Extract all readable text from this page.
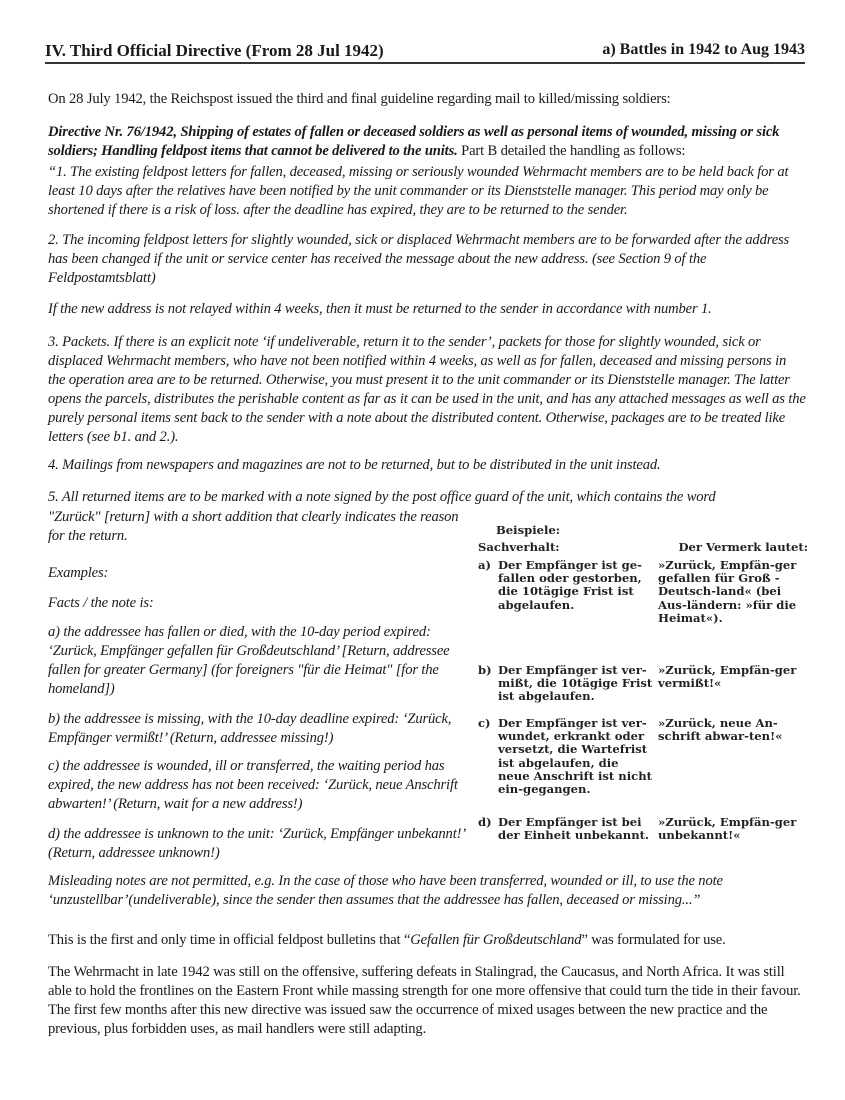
IV. Third Official Directive (From 28 Jul 1942)	a) Battles in 1942 to Aug 1943

On 28 July 1942, the Reichspost issued the third and final guideline regarding mail to killed/missing soldiers:

Directive Nr. 76/1942, Shipping of estates of fallen or deceased soldiers as well as personal items of wounded, missing or sick soldiers; Handling feldpost items that cannot be delivered to the units. Part B detailed the handling as follows:

“1. The existing feldpost letters for fallen, deceased, missing or seriously wounded Wehrmacht members are to be held back for at least 10 days after the relatives have been notified by the unit commander or its Dienststelle manager. This period may only be shortened if there is a risk of loss. after the deadline has expired, they are to be returned to the sender.

2. The incoming feldpost letters for slightly wounded, sick or displaced Wehrmacht members are to be forwarded after the address has been changed if the unit or service center has received the message about the new address. (see Section 9 of the Feldpostamtsblatt)

If the new address is not relayed within 4 weeks, then it must be returned to the sender in accordance with number 1.

3. Packets. If there is an explicit note ‘if undeliverable, return it to the sender’, packets for those for slightly wounded, sick or displaced Wehrmacht members, who have not been notified within 4 weeks, as well as for fallen, deceased and missing persons in the operation area are to be returned. Otherwise, you must present it to the unit commander or its Dienststelle manager. The latter opens the parcels, distributes the perishable content as far as it can be used in the unit, and has any attached messages as well as the purely personal items sent back to the sender with a note about the distributed content. Otherwise, packages are to be treated like letters (see b1. and 2.).

4. Mailings from newspapers and magazines are not to be returned, but to be distributed in the unit instead.

5. All returned items are to be marked with a note signed by the post office guard of the unit, which contains the word

"Zurück" [return] with a short addition that clearly indicates the reason for the return.

Examples:

Facts / the note is:

a) the addressee has fallen or died, with the 10-day period expired: ‘Zurück, Empfänger gefallen für Großdeutschland’ [Return, addressee fallen for greater Germany] (for foreigners "für die Heimat" [for the homeland])

b) the addressee is missing, with the 10-day deadline expired: ‘Zurück, Empfänger vermißt!’ (Return, addressee missing!)

c) the addressee is wounded, ill or transferred, the waiting period has expired, the new address has not been received: ‘Zurück, neue Anschrift abwarten!’ (Return, wait for a new address!)

d) the addressee is unknown to the unit: ‘Zurück, Empfänger unbekannt!’ (Return, addressee unknown!)

Misleading notes are not permitted, e.g. In the case of those who have been transferred, wounded or ill, to use the note ‘unzustellbar’(undeliverable), since the sender then assumes that the addressee has fallen, deceased or missing...”

Beispiele:
Sachverhalt:	Der Vermerk lautet:
a) Der Empfänger ist ge-fallen oder gestorben, die 10tägige Frist ist abgelaufen.
»Zurück, Empfän-ger gefallen für Groß - Deutsch-land« (bei Aus-ländern: »für die Heimat«).
b) Der Empfänger ist ver-mißt, die 10tägige Frist ist abgelaufen.
»Zurück, Empfän-ger vermißt!«
c) Der Empfänger ist ver-wundet, erkrankt oder versetzt, die Wartefrist ist abgelaufen, die neue Anschrift ist nicht ein-gegangen.
»Zurück, neue An-schrift abwar-ten!«
d) Der Empfänger ist bei der Einheit unbekannt.
»Zurück, Empfän-ger unbekannt!«

This is the first and only time in official feldpost bulletins that “Gefallen für Großdeutschland” was formulated for use.

The Wehrmacht in late 1942 was still on the offensive, suffering defeats in Stalingrad, the Caucasus, and North Africa. It was still able to hold the frontlines on the Eastern Front while massing strength for one more offensive that could turn the tide in their favour. The first few months after this new directive was issued saw the occurrence of mixed usages between the new practice and the previous, plus forbidden uses, as mail handlers were still adapting.
